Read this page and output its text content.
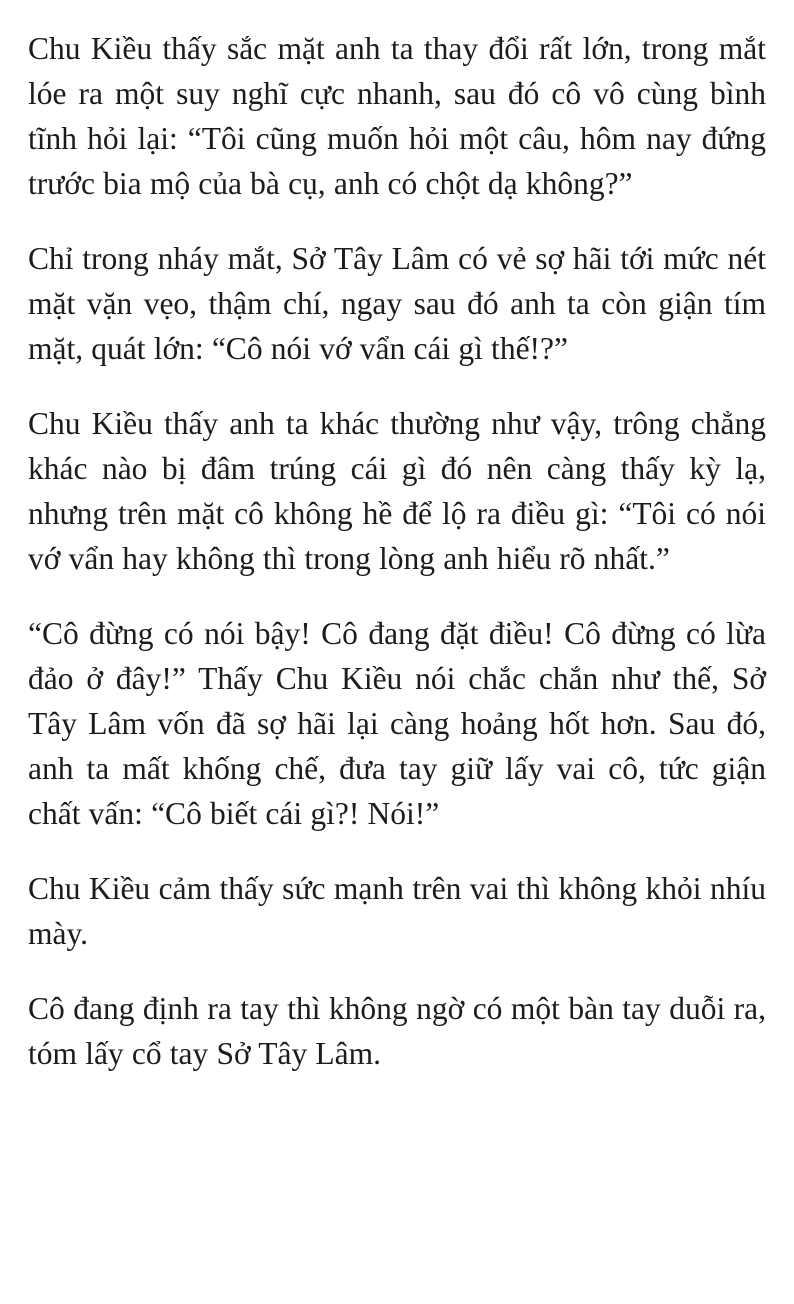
Chu Kiều thấy sắc mặt anh ta thay đổi rất lớn, trong mắt lóe ra một suy nghĩ cực nhanh, sau đó cô vô cùng bình tĩnh hỏi lại: “Tôi cũng muốn hỏi một câu, hôm nay đứng trước bia mộ của bà cụ, anh có chột dạ không?”

Chỉ trong nháy mắt, Sở Tây Lâm có vẻ sợ hãi tới mức nét mặt vặn vẹo, thậm chí, ngay sau đó anh ta còn giận tím mặt, quát lớn: “Cô nói vớ vẩn cái gì thế!?”

Chu Kiều thấy anh ta khác thường như vậy, trông chẳng khác nào bị đâm trúng cái gì đó nên càng thấy kỳ lạ, nhưng trên mặt cô không hề để lộ ra điều gì: “Tôi có nói vớ vẩn hay không thì trong lòng anh hiểu rõ nhất.”

“Cô đừng có nói bậy! Cô đang đặt điều! Cô đừng có lừa đảo ở đây!” Thấy Chu Kiều nói chắc chắn như thế, Sở Tây Lâm vốn đã sợ hãi lại càng hoảng hốt hơn. Sau đó, anh ta mất khống chế, đưa tay giữ lấy vai cô, tức giận chất vấn: “Cô biết cái gì?! Nói!”

Chu Kiều cảm thấy sức mạnh trên vai thì không khỏi nhíu mày.

Cô đang định ra tay thì không ngờ có một bàn tay duỗi ra, tóm lấy cổ tay Sở Tây Lâm.
